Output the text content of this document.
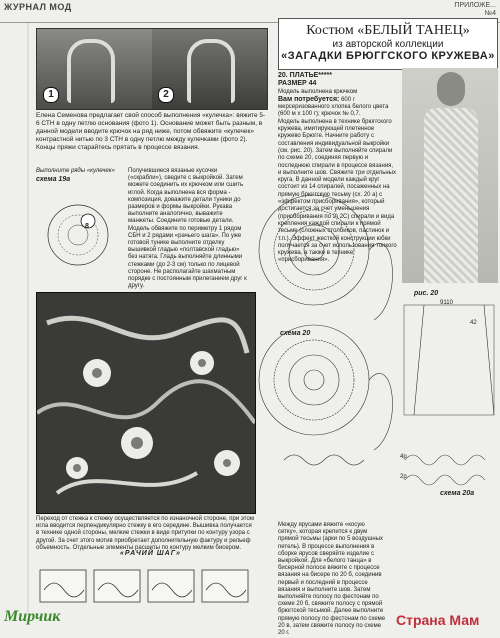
ЖУРНАЛ МОД	ПРИЛОЖЕ...
№4
1	2
Елена Семенова предлагает свой способ выполнения «кулечка»: вяжите 5-6 СТН в одну петлю основания (фото 1). Основание может быть разным, в данной модели вводите крючок на ряд ниже, потом обвяжите «кулечек» контрастной нитью по 3 СТН в одну петлю между кулечками (фото 2). Концы пряжи старайтесь прятать в процессе вязания.
Костюм «БЕЛЫЙ ТАНЕЦ»
из авторской коллекции
«ЗАГАДКИ БРЮГГСКОГО КРУЖЕВА»
20. ПЛАТЬЕ*****
РАЗМЕР 44
Модель выполнена крючком
Вам потребуется: 600 г мерсеризованного хлопка белого цвета (600 м х 100 г); крючок № 0,7.
Модель выполнена в технике брюггского кружева, имитирующей плетенное кружево Брюгге. Начните работу с составления индивидуальной выкройки (см. рис. 20). Затем выполняйте спирали по схеме 20, соединяя первую и последнюю спирали в процессе вязания, и выполните шов. Свяжите три отдельных круга. В данной модели каждый круг состоит из 14 спиралей, посаженных на прямую брюггскую тесьму (сх. 20 а) с «эффектом присборивания», который достигается за счет уменьшения (присборивания по 2) 2С) спирали и вида крепления каждой спирали к прямой тесьме (сложных столбиков, пастинок и т.п.). Эффект жесткой конструкции юбки получается за счет использования тонкого кружева, а также в технике «присборивания».
Выполните ряды «кулечек»
схема 19а
8
Получившиеся вязаные кусочки («скрабли»), сведите с выкройкой. Затем можете соединить их крючком или сшить иглой. Когда выполнена вся форма - композиция, доважите детали туники до размеров и формы выкройки. Рукава выполните аналогично, выважите манжеты. Соедините готовые детали. Модель обвяжите по периметру 1 рядом СБН и 2 рядами «рачьего шага». По уже готовой тунике выполните отделку вышивкой гладью «полтавской гладью» без натяга. Гладь выполняйте длинными стежками (до 2-3 см) только по лицевой стороне. Не располагайте шахматным порядке с постоянным прилеганием друг к другу.
Переход от стежка к стежку осуществляется по изнаночной стороне, при этом игла вводится перпендикулярно стежку в его середине. Вышивка получается в технике одной стороны, мелкие стежки в виде притупки по контуру узора с другой. За счет этого мотив приобретает дополнительную фактуру и рельеф объемность. Отдельные элементы расшиты по контуру мелким бисером.
«РАЧИЙ ШАГ»
схема 20
рис. 20
9110
42
4р
2р
схема 20а
Между ярусами вяжите «косую сетку», которая крепится к двум прямой тесьмы (арки по 5 воздушных петель). В процессе выполнения в сборке ярусов сверяйте изделие с выкройкой. Для «белого танца» в бисерной полосе вяжите с процессе вязания на бисере по 20 б, соединив первый и последний в процессе вязания и выполните шов. Затем выполняйте полосу по фестонам по схеме 20 б, свяжите полосу с прямой брюггской тесьмой. Далее выполните прямую полосу по фестонам по схеме 20 в, затем свяжите полосу по схеме 20 г.
Мирчик	Страна Мам
